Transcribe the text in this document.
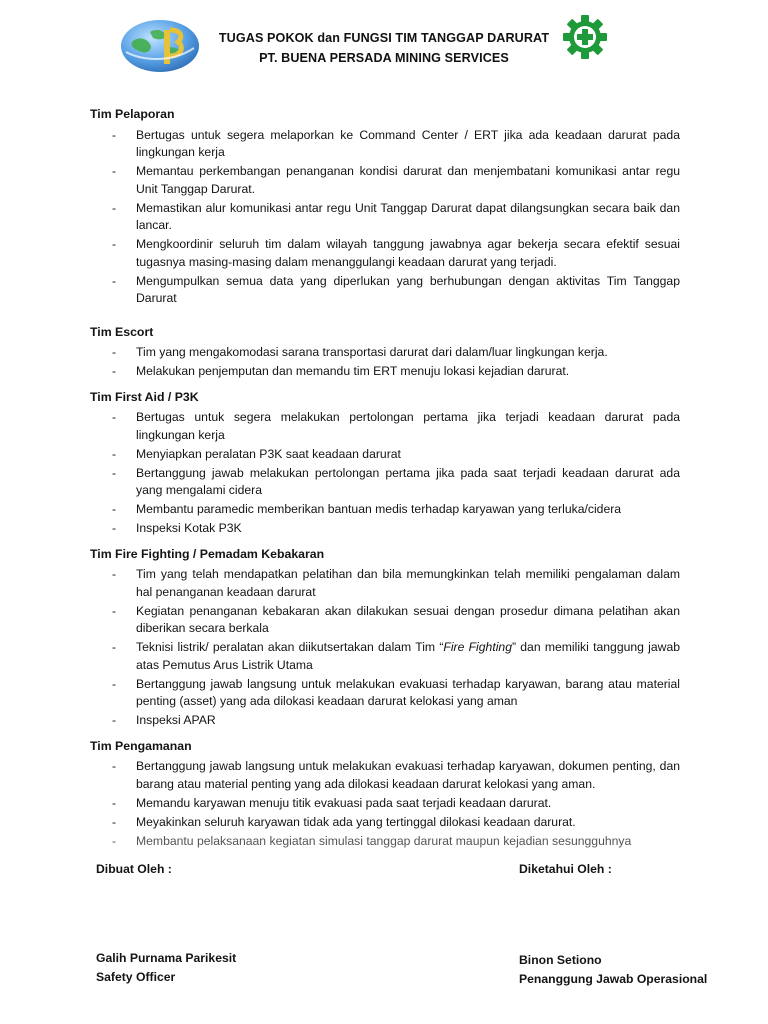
TUGAS POKOK dan FUNGSI TIM TANGGAP DARURAT
PT. BUENA PERSADA MINING SERVICES
Tim Pelaporan
- Bertugas untuk segera melaporkan ke Command Center / ERT jika ada keadaan darurat pada lingkungan kerja
- Memantau perkembangan penanganan kondisi darurat dan menjembatani komunikasi antar regu Unit Tanggap Darurat.
- Memastikan alur komunikasi antar regu Unit Tanggap Darurat dapat dilangsungkan secara baik dan lancar.
- Mengkoordinir seluruh tim dalam wilayah tanggung jawabnya agar bekerja secara efektif sesuai tugasnya masing-masing dalam menanggulangi keadaan darurat yang terjadi.
- Mengumpulkan semua data yang diperlukan yang berhubungan dengan aktivitas Tim Tanggap Darurat
Tim Escort
- Tim yang mengakomodasi sarana transportasi darurat dari dalam/luar lingkungan kerja.
- Melakukan penjemputan dan memandu tim ERT menuju lokasi kejadian darurat.
Tim First Aid / P3K
- Bertugas untuk segera melakukan pertolongan pertama jika terjadi keadaan darurat pada lingkungan kerja
- Menyiapkan peralatan P3K saat keadaan darurat
- Bertanggung jawab melakukan pertolongan pertama jika pada saat terjadi keadaan darurat ada yang mengalami cidera
- Membantu paramedic memberikan bantuan medis terhadap karyawan yang terluka/cidera
- Inspeksi Kotak P3K
Tim Fire Fighting / Pemadam Kebakaran
- Tim yang telah mendapatkan pelatihan dan bila memungkinkan telah memiliki pengalaman dalam hal penanganan keadaan darurat
- Kegiatan penanganan kebakaran akan dilakukan sesuai dengan prosedur dimana pelatihan akan diberikan secara berkala
- Teknisi listrik/ peralatan akan diikutsertakan dalam Tim “Fire Fighting” dan memiliki tanggung jawab atas Pemutus Arus Listrik Utama
- Bertanggung jawab langsung untuk melakukan evakuasi terhadap karyawan, barang atau material penting (asset) yang ada dilokasi keadaan darurat kelokasi yang aman
- Inspeksi APAR
Tim Pengamanan
- Bertanggung jawab langsung untuk melakukan evakuasi terhadap karyawan, dokumen penting, dan barang atau material penting yang ada dilokasi keadaan darurat kelokasi yang aman.
- Memandu karyawan menuju titik evakuasi pada saat terjadi keadaan darurat.
- Meyakinkan seluruh karyawan tidak ada yang tertinggal dilokasi keadaan darurat.
- Membantu pelaksanaan kegiatan simulasi tanggap darurat maupun kejadian sesungguhnya
Dibuat Oleh :	Diketahui Oleh :
Galih Purnama Parikesit
Safety Officer
Binon Setiono
Penanggung Jawab Operasional
